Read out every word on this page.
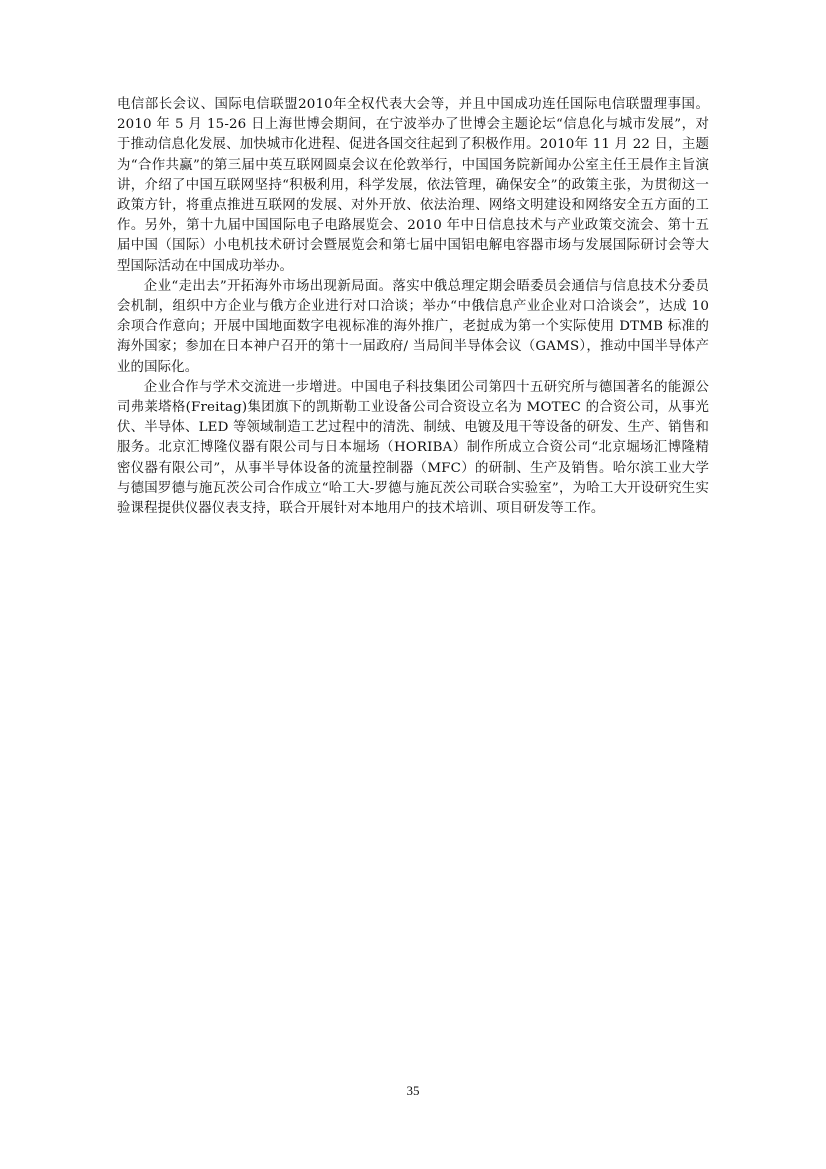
电信部长会议、国际电信联盟2010年全权代表大会等，并且中国成功连任国际电信联盟理事国。2010 年 5 月 15-26 日上海世博会期间，在宁波举办了世博会主题论坛“信息化与城市发展”，对于推动信息化发展、加快城市化进程、促进各国交往起到了积极作用。2010年 11 月 22 日，主题为“合作共赢”的第三届中英互联网圆桌会议在伦敦举行，中国国务院新闻办公室主任王晨作主旨演讲，介绍了中国互联网坚持“积极利用，科学发展，依法管理，确保安全”的政策主张，为贯彻这一政策方针，将重点推进互联网的发展、对外开放、依法治理、网络文明建设和网络安全五方面的工作。另外，第十九届中国国际电子电路展览会、2010 年中日信息技术与产业政策交流会、第十五届中国（国际）小电机技术研讨会暨展览会和第七届中国铝电解电容器市场与发展国际研讨会等大型国际活动在中国成功举办。

企业“走出去”开拓海外市场出现新局面。落实中俄总理定期会晤委员会通信与信息技术分委员会机制，组织中方企业与俄方企业进行对口洽谈；举办“中俄信息产业企业对口洽谈会”，达成 10 余项合作意向；开展中国地面数字电视标准的海外推广，老挝成为第一个实际使用 DTMB 标准的海外国家；参加在日本神户召开的第十一届政府/ 当局间半导体会议（GAMS），推动中国半导体产业的国际化。

企业合作与学术交流进一步增进。中国电子科技集团公司第四十五研究所与德国著名的能源公司弗莱塔格(Freitag)集团旗下的凯斯勒工业设备公司合资设立名为 MOTEC 的合资公司，从事光伏、半导体、LED 等领域制造工艺过程中的清洗、制绒、电镀及甩干等设备的研发、生产、销售和服务。北京汇博隆仪器有限公司与日本堀场（HORIBA）制作所成立合资公司“北京堀场汇博隆精密仪器有限公司”，从事半导体设备的流量控制器（MFC）的研制、生产及销售。哈尔滨工业大学与德国罗德与施瓦茨公司合作成立“哈工大-罗德与施瓦茨公司联合实验室”，为哈工大开设研究生实验课程提供仪器仪表支持，联合开展针对本地用户的技术培训、项目研发等工作。

35
